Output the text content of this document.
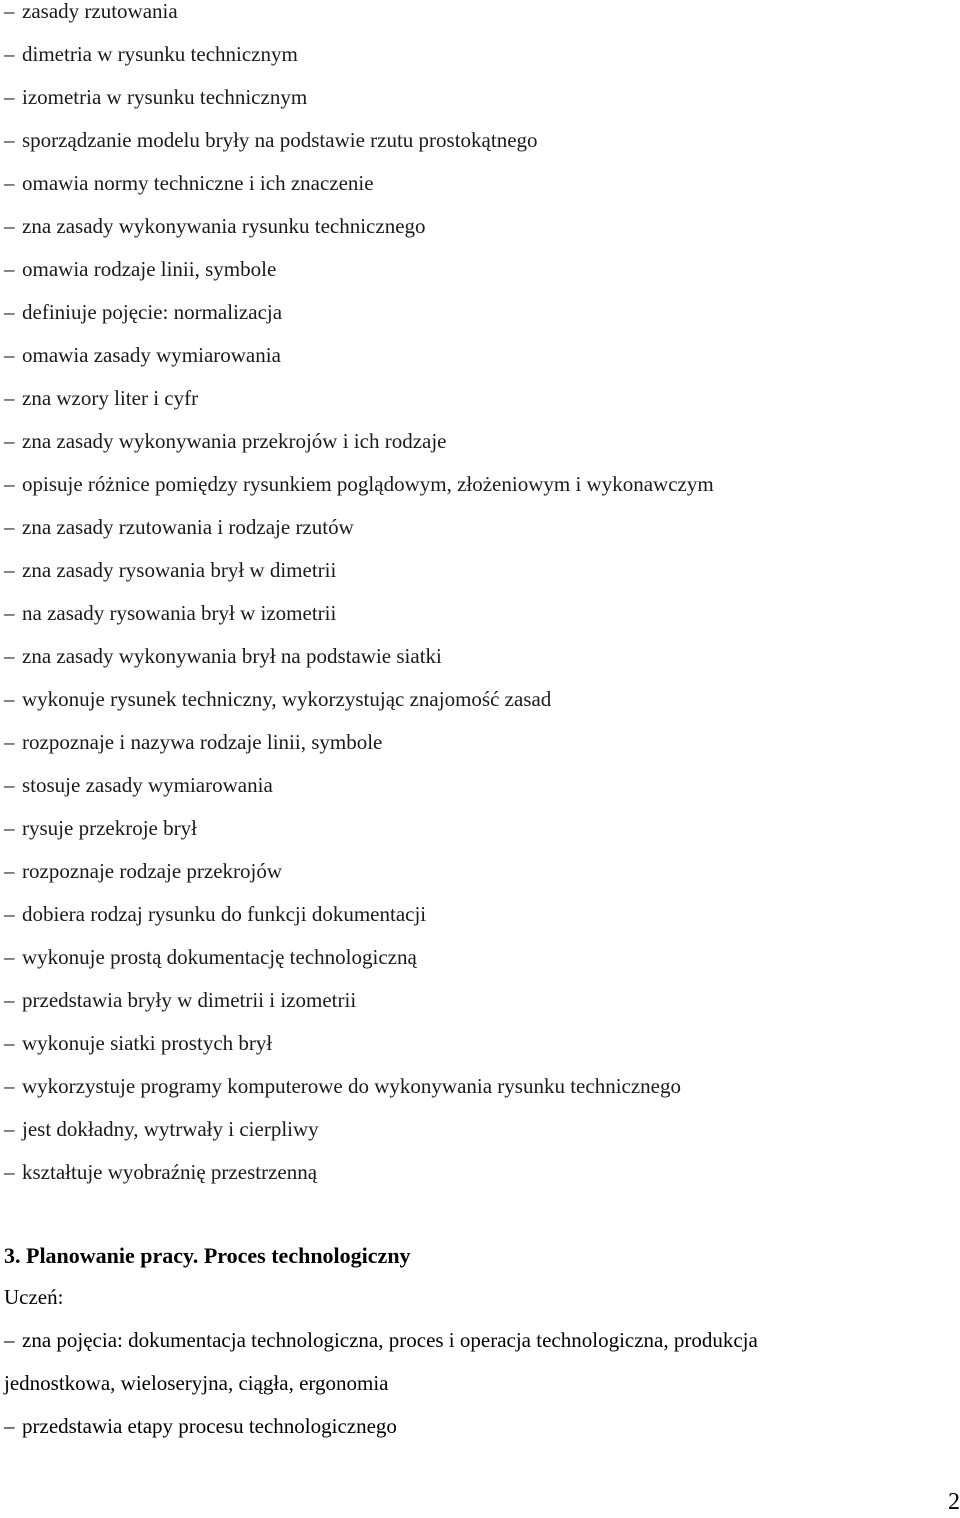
– zasady rzutowania
– dimetria w rysunku technicznym
– izometria w rysunku technicznym
– sporządzanie modelu bryły na podstawie rzutu prostokątnego
– omawia normy techniczne i ich znaczenie
– zna zasady wykonywania rysunku technicznego
– omawia rodzaje linii, symbole
– definiuje pojęcie: normalizacja
– omawia zasady wymiarowania
– zna wzory liter i cyfr
– zna zasady wykonywania przekrojów i ich rodzaje
– opisuje różnice pomiędzy rysunkiem poglądowym, złożeniowym i wykonawczym
– zna zasady rzutowania i rodzaje rzutów
– zna zasady rysowania brył w dimetrii
– na zasady rysowania brył w izometrii
– zna zasady wykonywania brył na podstawie siatki
– wykonuje rysunek techniczny, wykorzystując znajomość zasad
– rozpoznaje i nazywa rodzaje linii, symbole
– stosuje zasady wymiarowania
– rysuje przekroje brył
– rozpoznaje rodzaje przekrojów
– dobiera rodzaj rysunku do funkcji dokumentacji
– wykonuje prostą dokumentację technologiczną
– przedstawia bryły w dimetrii i izometrii
– wykonuje siatki prostych brył
– wykorzystuje programy komputerowe do wykonywania rysunku technicznego
– jest dokładny, wytrwały i cierpliwy
– kształtuje wyobraźnię przestrzenną
3. Planowanie pracy. Proces technologiczny

Uczeń:

– zna pojęcia: dokumentacja technologiczna, proces i operacja technologiczna, produkcja
jednostkowa, wieloseryjna, ciągła, ergonomia
– przedstawia etapy procesu technologicznego
2
